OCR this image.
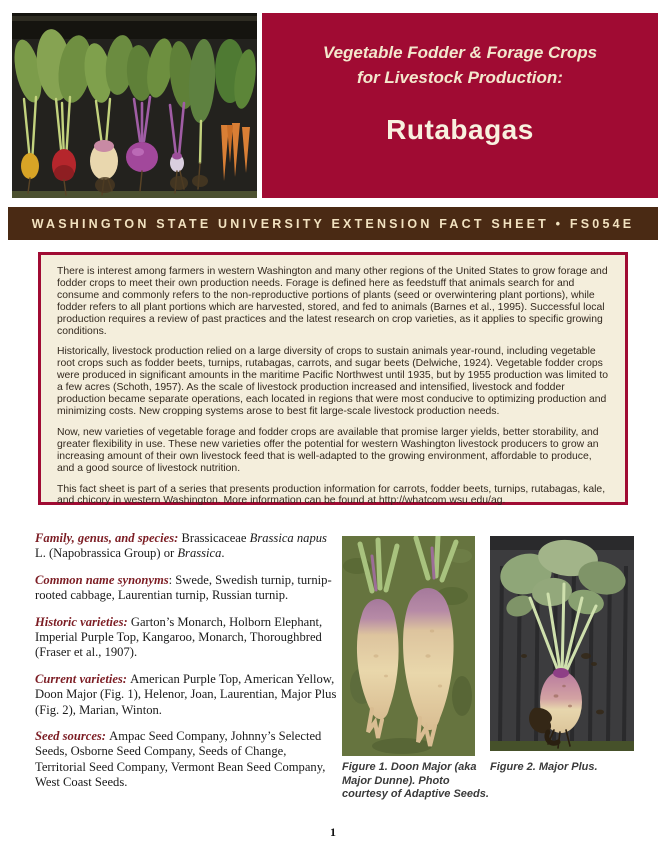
Vegetable Fodder & Forage Crops
for Livestock Production:
Rutabagas
WASHINGTON STATE UNIVERSITY EXTENSION FACT SHEET • FS054E

There is interest among farmers in western Washington and many other regions of the United States to grow forage and fodder crops to meet their own production needs. Forage is defined here as feedstuff that animals search for and consume and commonly refers to the non-reproductive portions of plants (seed or overwintering plant portions), while fodder refers to all plant portions which are harvested, stored, and fed to animals (Barnes et al., 1995). Successful local production requires a review of past practices and the latest research on crop varieties, as it applies to specific growing conditions.

Historically, livestock production relied on a large diversity of crops to sustain animals year-round, including vegetable root crops such as fodder beets, turnips, rutabagas, carrots, and sugar beets (Delwiche, 1924). Vegetable fodder crops were produced in significant amounts in the maritime Pacific Northwest until 1935, but by 1955 production was limited to a few acres (Schoth, 1957). As the scale of livestock production increased and intensified, livestock and fodder production became separate operations, each located in regions that were most conducive to optimizing production and minimizing costs. New cropping systems arose to best fit large-scale livestock production needs.

Now, new varieties of vegetable forage and fodder crops are available that promise larger yields, better storability, and greater flexibility in use. These new varieties offer the potential for western Washington livestock producers to grow an increasing amount of their own livestock feed that is well-adapted to the growing environment, affordable to produce, and a good source of livestock nutrition.

This fact sheet is part of a series that presents production information for carrots, fodder beets, turnips, rutabagas, kale, and chicory in western Washington. More information can be found at http://whatcom.wsu.edu/ag.

Family, genus, and species: Brassicaceae Brassica napus L. (Napobrassica Group) or Brassica.

Common name synonyms: Swede, Swedish turnip, turnip-rooted cabbage, Laurentian turnip, Russian turnip.

Historic varieties: Garton’s Monarch, Holborn Elephant, Imperial Purple Top, Kangaroo, Monarch, Thoroughbred (Fraser et al., 1907).

Current varieties: American Purple Top, American Yellow, Doon Major (Fig. 1), Helenor, Joan, Laurentian, Major Plus (Fig. 2), Marian, Winton.

Seed sources: Ampac Seed Company, Johnny’s Selected Seeds, Osborne Seed Company, Seeds of Change, Territorial Seed Company, Vermont Bean Seed Company, West Coast Seeds.

Figure 1. Doon Major (aka Major Dunne). Photo courtesy of Adaptive Seeds.
Figure 2. Major Plus.
1
